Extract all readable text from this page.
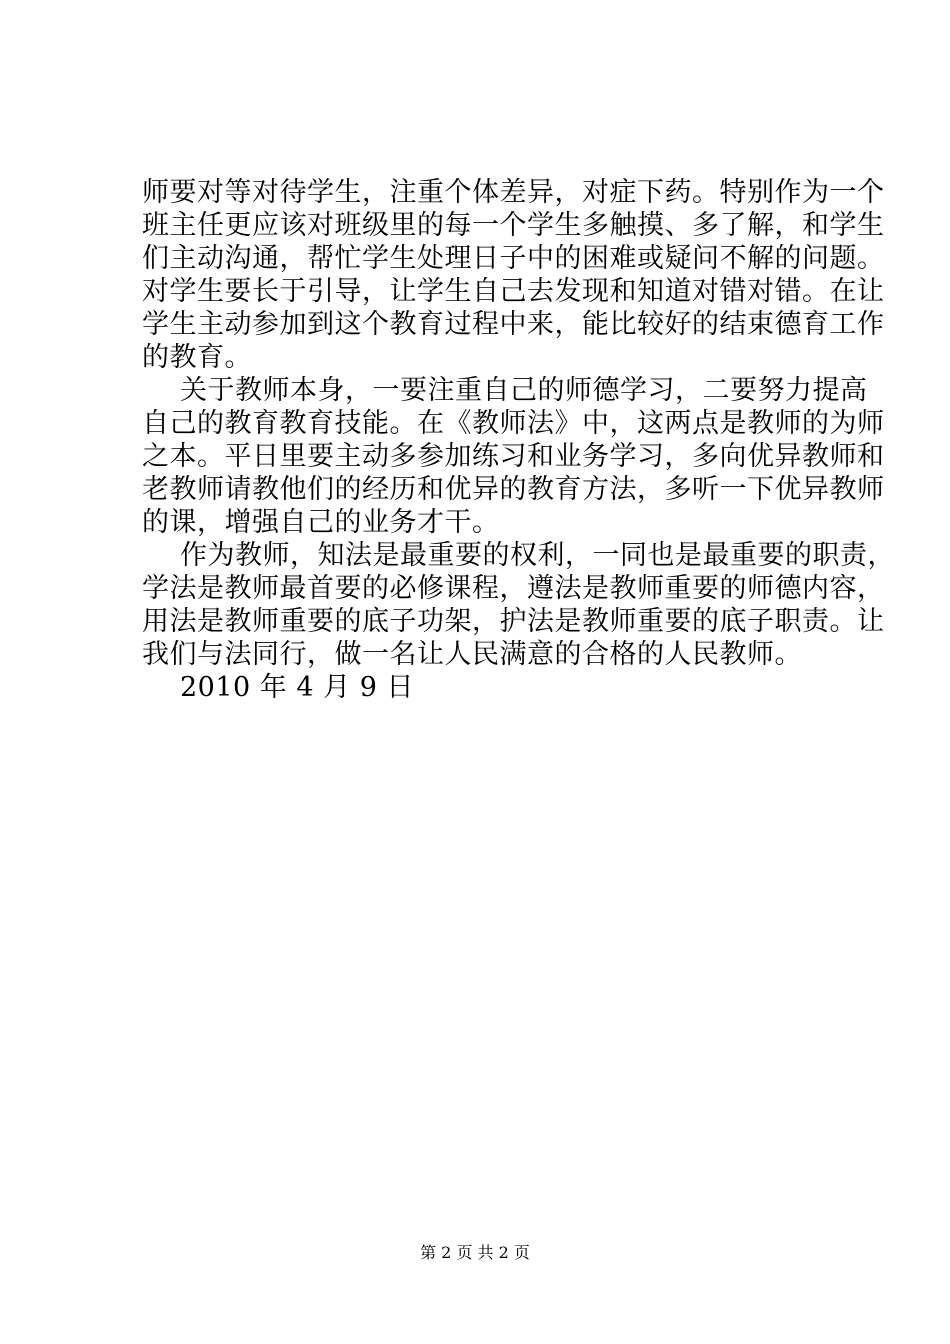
师要对等对待学生，注重个体差异，对症下药。特别作为一个
班主任更应该对班级里的每一个学生多触摸、多了解，和学生
们主动沟通，帮忙学生处理日子中的困难或疑问不解的问题。
对学生要长于引导，让学生自己去发现和知道对错对错。在让
学生主动参加到这个教育过程中来，能比较好的结束德育工作
的教育。
关于教师本身，一要注重自己的师德学习，二要努力提高
自己的教育教育技能。在《教师法》中，这两点是教师的为师
之本。平日里要主动多参加练习和业务学习，多向优异教师和
老教师请教他们的经历和优异的教育方法，多听一下优异教师
的课，增强自己的业务才干。
作为教师，知法是最重要的权利，一同也是最重要的职责，
学法是教师最首要的必修课程，遵法是教师重要的师德内容，
用法是教师重要的底子功架，护法是教师重要的底子职责。让
我们与法同行，做一名让人民满意的合格的人民教师。
2010 年 4 月 9 日
第 2 页 共 2 页
